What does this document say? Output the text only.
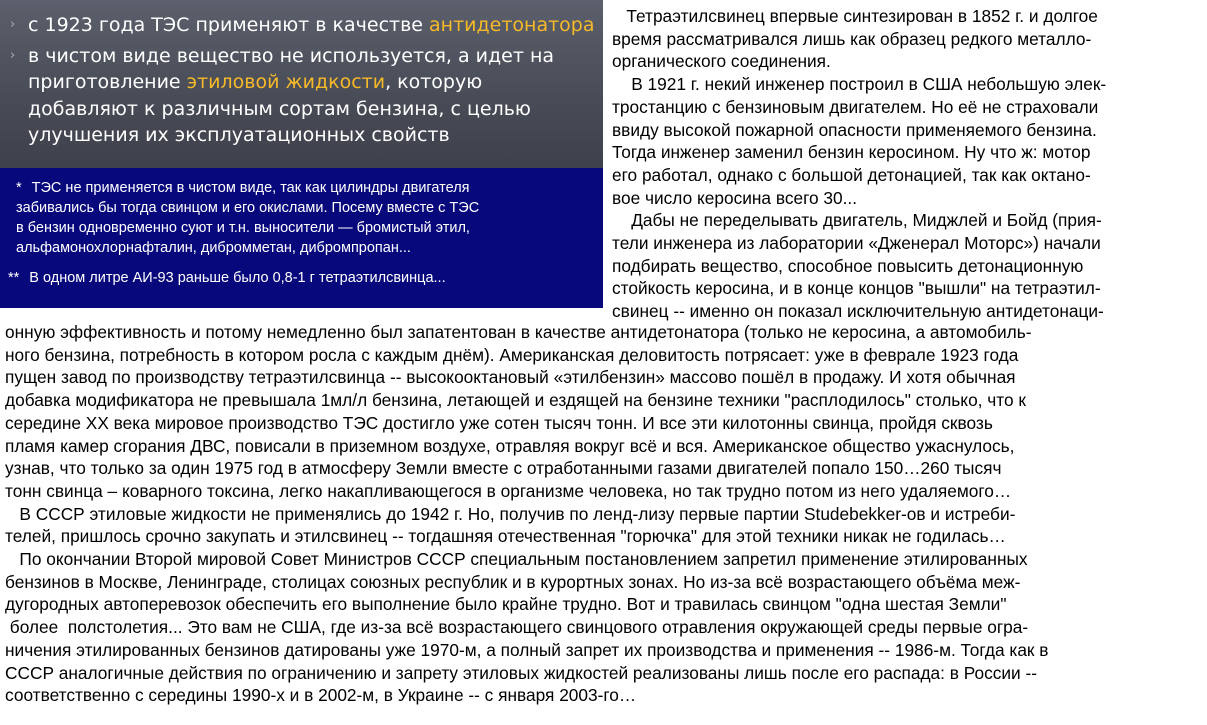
› с 1923 года ТЭС применяют в качестве антидетонатора
› в чистом виде вещество не используется, а идет на
приготовление этиловой жидкости, которую
добавляют к различным сортам бензина, с целью
улучшения их эксплуатационных свойств
* ТЭС не применяется в чистом виде, так как цилиндры двигателя
забивались бы тогда свинцом и его окислами. Посему вместе с ТЭС
в бензин одновременно суют и т.н. выносители — бромистый этил,
альфамонохлорнафталин, дибромметан, дибромпропан...
** В одном литре АИ-93 раньше было 0,8-1 г тетраэтилсвинца...
Тетраэтилсвинец впервые синтезирован в 1852 г. и долгое
время рассматривался лишь как образец редкого металло-
органического соединения.
В 1921 г. некий инженер построил в США небольшую элек-
тростанцию с бензиновым двигателем. Но её не страховали
ввиду высокой пожарной опасности применяемого бензина.
Тогда инженер заменил бензин керосином. Ну что ж: мотор
его работал, однако с большой детонацией, так как октано-
вое число керосина всего 30...
Дабы не переделывать двигатель, Миджлей и Бойд (прия-
тели инженера из лаборатории «Дженерал Моторс») начали
подбирать вещество, способное повысить детонационную
стойкость керосина, и в конце концов "вышли" на тетраэтил-
свинец -- именно он показал исключительную антидетонаци-
онную эффективность и потому немедленно был запатентован в качестве антидетонатора (только не керосина, а автомобиль-
ного бензина, потребность в котором росла с каждым днём). Американская деловитость потрясает: уже в феврале 1923 года
пущен завод по производству тетраэтилсвинца -- высокооктановый «этилбензин» массово пошёл в продажу. И хотя обычная
добавка модификатора не превышала 1мл/л бензина, летающей и ездящей на бензине техники "расплодилось" столько, что к
середине XX века мировое производство ТЭС достигло уже сотен тысяч тонн. И все эти килотонны свинца, пройдя сквозь
пламя камер сгорания ДВС, повисали в приземном воздухе, отравляя вокруг всё и вся. Американское общество ужаснулось,
узнав, что только за один 1975 год в атмосферу Земли вместе с отработанными газами двигателей попало 150…260 тысяч
тонн свинца – коварного токсина, легко накапливающегося в организме человека, но так трудно потом из него удаляемого…
В СССР этиловые жидкости не применялись до 1942 г. Но, получив по ленд-лизу первые партии Studebekker-ов и истреби-
телей, пришлось срочно закупать и этилсвинец -- тогдашняя отечественная "горючка" для этой техники никак не годилась…
По окончании Второй мировой Совет Министров СССР специальным постановлением запретил применение этилированных
бензинов в Москве, Ленинграде, столицах союзных республик и в курортных зонах. Но из-за всё возрастающего объёма меж-
дугородных автоперевозок обеспечить его выполнение было крайне трудно. Вот и травилась свинцом "одна шестая Земли"
более  полстолетия... Это вам не США, где из-за всё возрастающего свинцового отравления окружающей среды первые огра-
ничения этилированных бензинов датированы уже 1970-м, а полный запрет их производства и применения -- 1986-м. Тогда как в
СССР аналогичные действия по ограничению и запрету этиловых жидкостей реализованы лишь после его распада: в России --
соответственно с середины 1990-х и в 2002-м, в Украине -- с января 2003-го…
